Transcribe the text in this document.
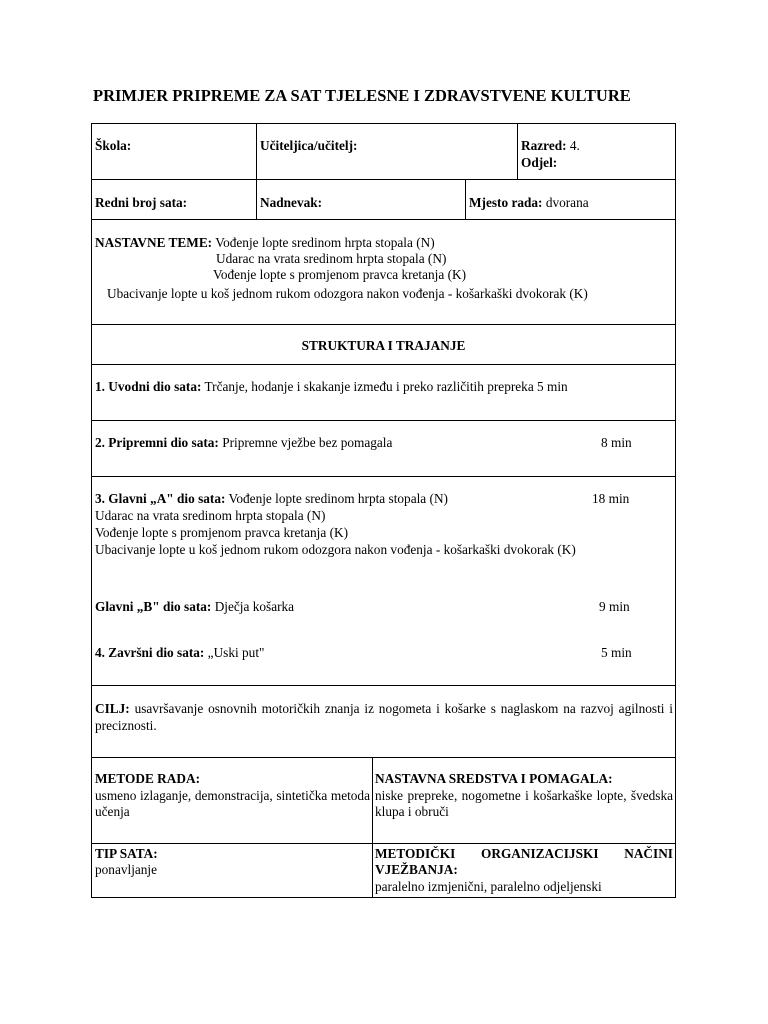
PRIMJER PRIPREME ZA SAT TJELESNE I ZDRAVSTVENE KULTURE
Škola:	Učiteljica/učitelj:	Razred: 4.
Odjel:
Redni broj sata:	Nadnevak:	Mjesto rada: dvorana
NASTAVNE TEME: Vođenje lopte sredinom hrpta stopala (N)
Udarac na vrata sredinom hrpta stopala (N)
Vođenje lopte s promjenom pravca kretanja (K)
Ubacivanje lopte u koš jednom rukom odozgora nakon vođenja - košarkaški dvokorak (K)
STRUKTURA I TRAJANJE
1. Uvodni dio sata: Trčanje, hodanje i skakanje između i preko različitih prepreka 5 min
2. Pripremni dio sata: Pripremne vježbe bez pomagala	8 min
3. Glavni „A" dio sata: Vođenje lopte sredinom hrpta stopala (N)	18 min
Udarac na vrata sredinom hrpta stopala (N)
Vođenje lopte s promjenom pravca kretanja (K)
Ubacivanje lopte u koš jednom rukom odozgora nakon vođenja - košarkaški dvokorak (K)
Glavni „B" dio sata: Dječja košarka	9 min
4. Završni dio sata: „Uski put"	5 min
CILJ: usavršavanje osnovnih motoričkih znanja iz nogometa i košarke s naglaskom na razvoj agilnosti i preciznosti.
METODE RADA:
usmeno izlaganje, demonstracija, sintetička metoda učenja
NASTAVNA SREDSTVA I POMAGALA:
niske prepreke, nogometne i košarkaške lopte, švedska klupa i obruči
TIP SATA:
ponavljanje
METODIČKI ORGANIZACIJSKI NAČINI VJEŽBANJA:
paralelno izmjenični, paralelno odjeljenski
